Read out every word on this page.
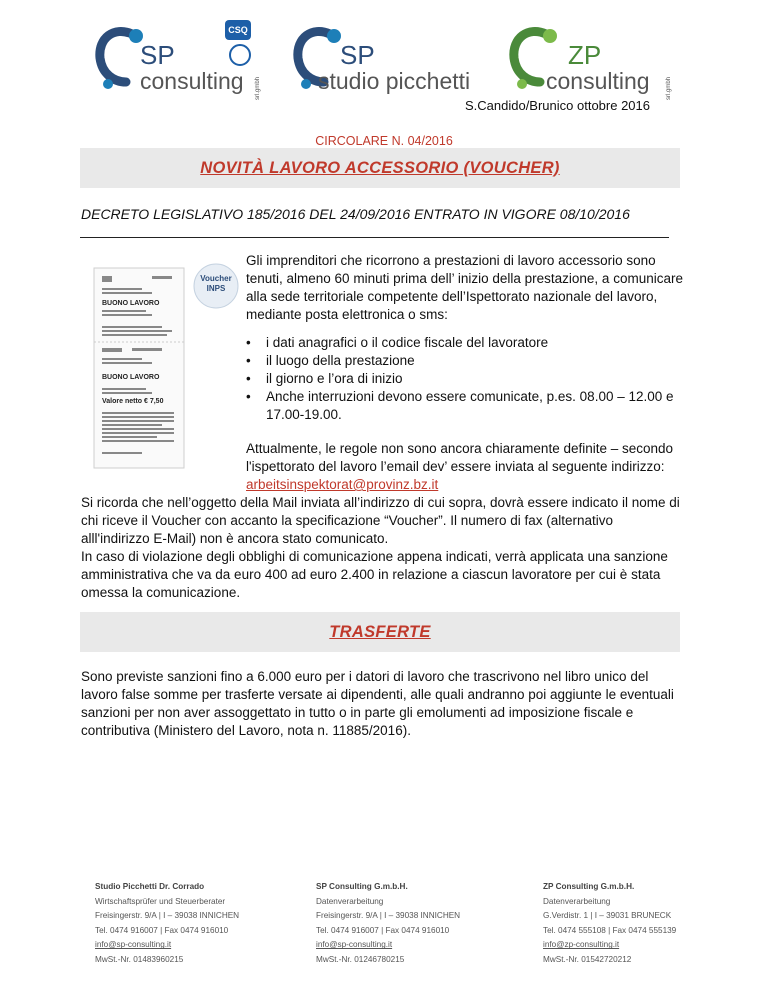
SP
consulting srl.gmbh
CSQ
SP
studio picchetti
ZP
consulting	srl.gmbh
S.Candido/Brunico ottobre 2016
CIRCOLARE N. 04/2016
NOVITÀ LAVORO ACCESSORIO (VOUCHER)
DECRETO LEGISLATIVO 185/2016 DEL 24/09/2016 ENTRATO IN VIGORE 08/10/2016
BUONO LAVORO
BUONO LAVORO
Valore netto € 7,50
Voucher
INPS

Gli imprenditori che ricorrono a prestazioni di lavoro accessorio sono tenuti, almeno 60 minuti prima dell’ inizio della prestazione, a comunicare alla sede territoriale competente dell’Ispettorato nazionale del lavoro, mediante posta elettronica o sms:

• i dati anagrafici o il codice fiscale del lavoratore
• il luogo della prestazione
• il giorno e l’ora di inizio
• Anche interruzioni devono essere comunicate, p.es. 08.00 – 12.00 e 17.00-19.00.
Attualmente, le regole non sono ancora chiaramente definite – secondo l'ispettorato del lavoro l’email dev’ essere inviata al seguente indirizzo:
arbeitsinspektorat@provinz.bz.it
Si ricorda che nell’oggetto della Mail inviata all’indirizzo di cui sopra, dovrà essere indicato il nome di chi riceve il Voucher con accanto la specificazione “Voucher”. Il numero di fax (alternativo alll'indirizzo E-Mail) non è ancora stato comunicato.
In caso di violazione degli obblighi di comunicazione appena indicati, verrà applicata una sanzione amministrativa che va da euro 400 ad euro 2.400 in relazione a ciascun lavoratore per cui è stata omessa la comunicazione.
TRASFERTE
Sono previste sanzioni fino a 6.000 euro per i datori di lavoro che trascrivono nel libro unico del lavoro false somme per trasferte versate ai dipendenti, alle quali andranno poi aggiunte le eventuali sanzioni per non aver assoggettato in tutto o in parte gli emolumenti ad imposizione fiscale e contributiva (Ministero del Lavoro, nota n. 11885/2016).
Studio Picchetti Dr. Corrado
Wirtschaftsprüfer und Steuerberater
Freisingerstr. 9/A | I – 39038 INNICHEN
Tel. 0474 916007 | Fax 0474 916010
info@sp-consulting.it
MwSt.-Nr. 01483960215
SP Consulting G.m.b.H.
Datenverarbeitung
Freisingerstr. 9/A | I – 39038 INNICHEN
Tel. 0474 916007 | Fax 0474 916010
info@sp-consulting.it
MwSt.-Nr. 01246780215
ZP Consulting G.m.b.H.
Datenverarbeitung
G.Verdistr. 1 | I – 39031 BRUNECK
Tel. 0474 555108 | Fax 0474 555139
info@zp-consulting.it
MwSt.-Nr. 01542720212
